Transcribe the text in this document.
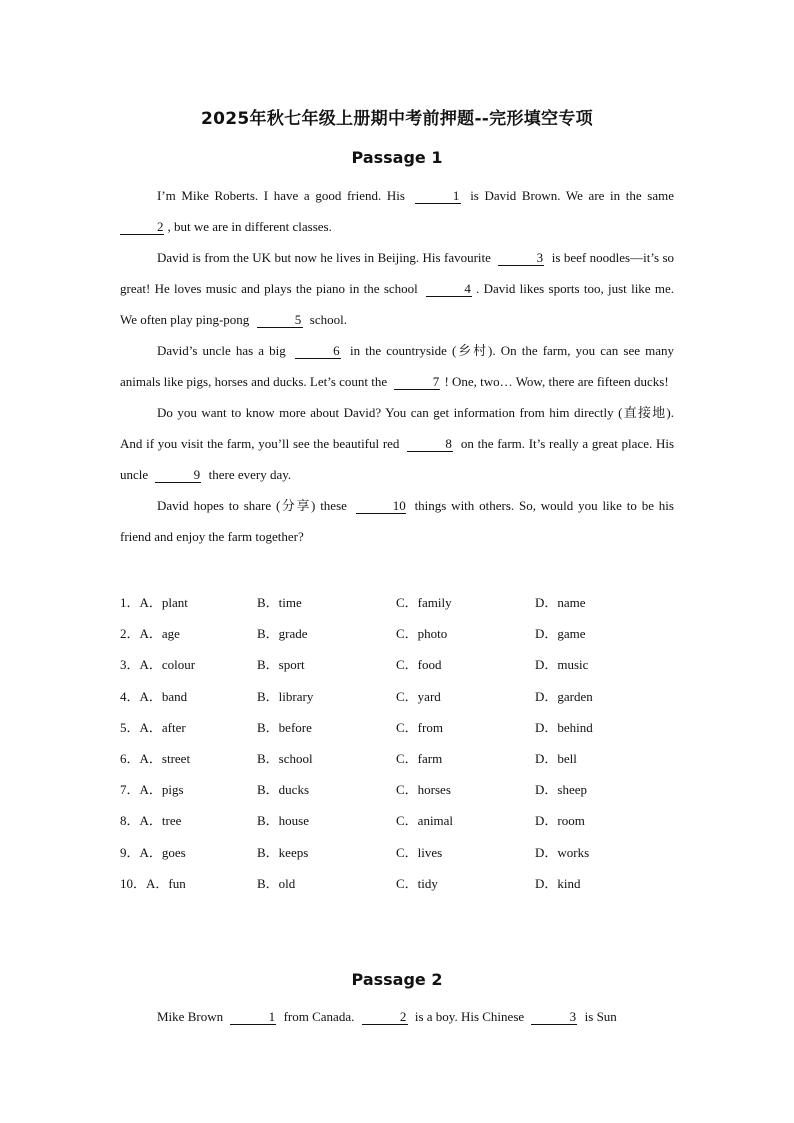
2025年秋七年级上册期中考前押题--完形填空专项
Passage 1

I’m Mike Roberts. I have a good friend. His	1 is David Brown. We are in the same 2 , but we are in different classes.

David is from the UK but now he lives in Beijing. His favourite	3 is beef noodles—it’s so great! He loves music and plays the piano in the school	4 . David likes sports too, just like me. We often play ping-pong	5 school.

David’s uncle has a big	6 in the countryside (乡村). On the farm, you can see many animals like pigs, horses and ducks. Let’s count the	7 ! One, two… Wow, there are fifteen ducks!

Do you want to know more about David? You can get information from him directly (直接地). And if you visit the farm, you’ll see the beautiful red	8 on the farm. It’s really a great place. His uncle	9 there every day.

David hopes to share (分享) these	10 things with others. So, would you like to be his friend and enjoy the farm together?

1．A．plant	B．time	C．family	D．name
2．A．age	B．grade	C．photo	D．game
3．A．colour	B．sport	C．food	D．music
4．A．band	B．library	C．yard	D．garden
5．A．after	B．before	C．from	D．behind
6．A．street	B．school	C．farm	D．bell
7．A．pigs	B．ducks	C．horses	D．sheep
8．A．tree	B．house	C．animal	D．room
9．A．goes	B．keeps	C．lives	D．works
10．A．fun	B．old	C．tidy	D．kind
Passage 2

Mike Brown	1 from Canada.	2 is a boy. His Chinese	3 is Sun
